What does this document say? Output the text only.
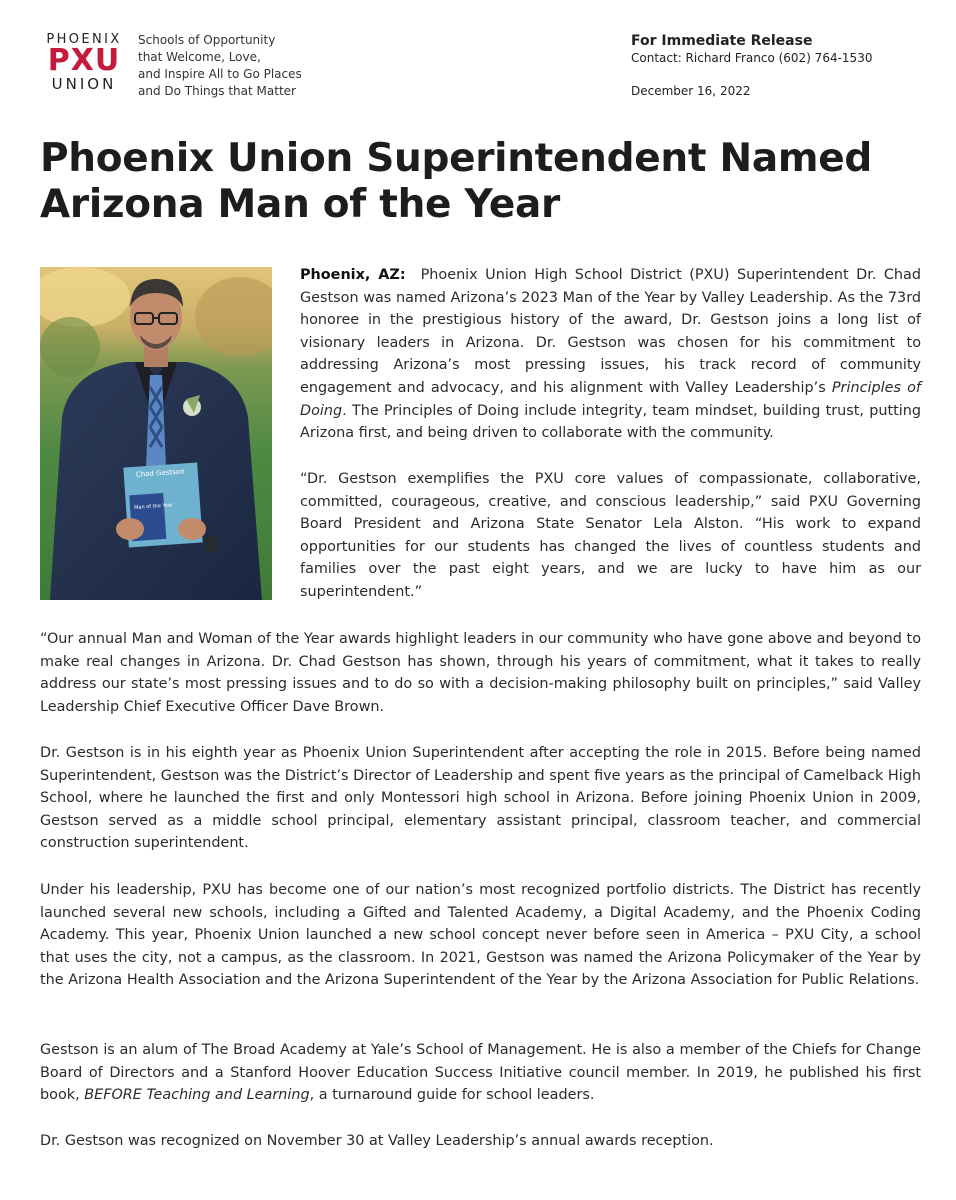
PHOENIX
PXU
UNION
Schools of Opportunity
that Welcome, Love,
and Inspire All to Go Places
and Do Things that Matter
For Immediate Release
Contact: Richard Franco (602) 764-1530
December 16, 2022
Phoenix Union Superintendent Named Arizona Man of the Year
Chad Gestson
Man of the Year

Phoenix, AZ: Phoenix Union High School District (PXU) Superintendent Dr. Chad Gestson was named Arizona’s 2023 Man of the Year by Valley Leadership. As the 73rd honoree in the prestigious history of the award, Dr. Gestson joins a long list of visionary leaders in Arizona. Dr. Gestson was chosen for his commitment to addressing Arizona’s most pressing issues, his track record of community engagement and advocacy, and his alignment with Valley Leadership’s Principles of Doing. The Principles of Doing include integrity, team mindset, building trust, putting Arizona first, and being driven to collaborate with the community.

“Dr. Gestson exemplifies the PXU core values of compassionate, collaborative, committed, courageous, creative, and conscious leadership,” said PXU Governing Board President and Arizona State Senator Lela Alston. “His work to expand opportunities for our students has changed the lives of countless students and families over the past eight years, and we are lucky to have him as our superintendent.”

“Our annual Man and Woman of the Year awards highlight leaders in our community who have gone above and beyond to make real changes in Arizona. Dr. Chad Gestson has shown, through his years of commitment, what it takes to really address our state’s most pressing issues and to do so with a decision-making philosophy built on principles,” said Valley Leadership Chief Executive Officer Dave Brown.

Dr. Gestson is in his eighth year as Phoenix Union Superintendent after accepting the role in 2015. Before being named Superintendent, Gestson was the District’s Director of Leadership and spent five years as the principal of Camelback High School, where he launched the first and only Montessori high school in Arizona. Before joining Phoenix Union in 2009, Gestson served as a middle school principal, elementary assistant principal, classroom teacher, and commercial construction superintendent.

Under his leadership, PXU has become one of our nation’s most recognized portfolio districts. The District has recently launched several new schools, including a Gifted and Talented Academy, a Digital Academy, and the Phoenix Coding Academy. This year, Phoenix Union launched a new school concept never before seen in America – PXU City, a school that uses the city, not a campus, as the classroom. In 2021, Gestson was named the Arizona Policymaker of the Year by the Arizona Health Association and the Arizona Superintendent of the Year by the Arizona Association for Public Relations.

Gestson is an alum of The Broad Academy at Yale’s School of Management. He is also a member of the Chiefs for Change Board of Directors and a Stanford Hoover Education Success Initiative council member. In 2019, he published his first book, BEFORE Teaching and Learning, a turnaround guide for school leaders.

Dr. Gestson was recognized on November 30 at Valley Leadership’s annual awards reception.
